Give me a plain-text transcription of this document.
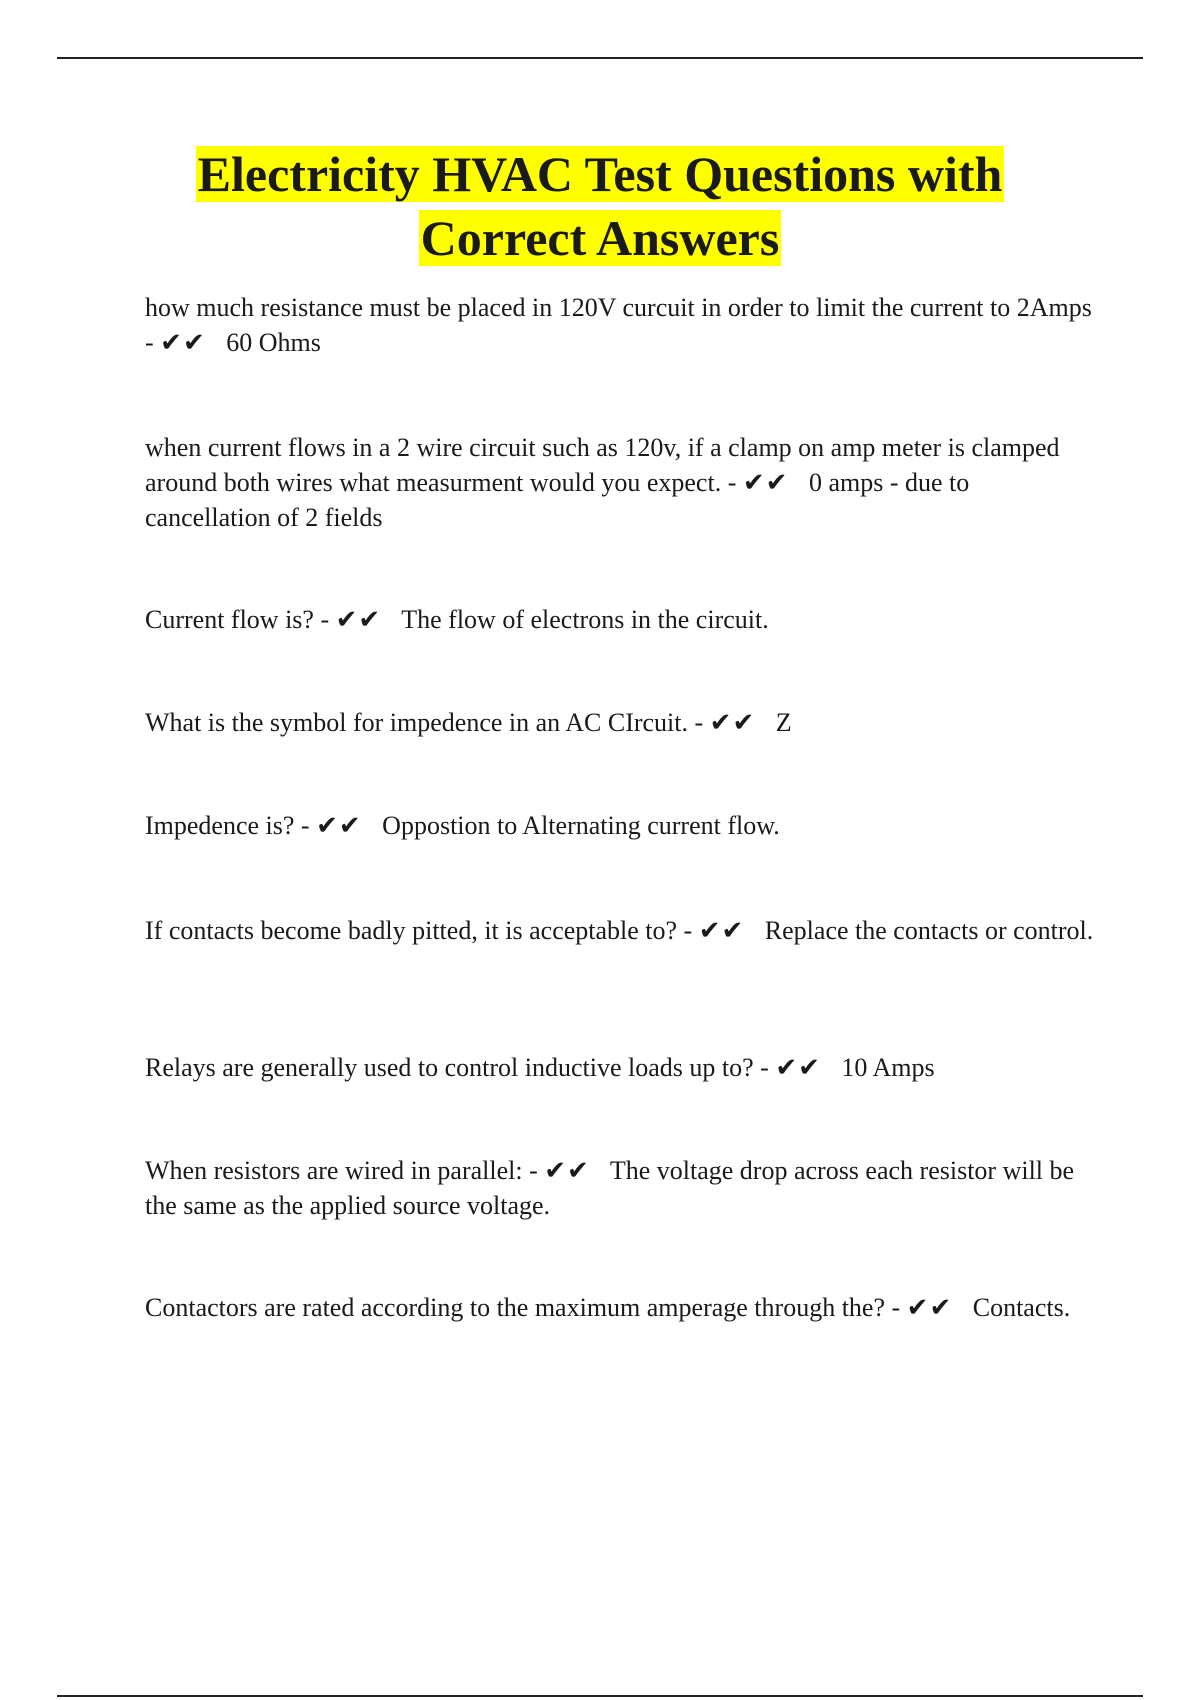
Electricity HVAC Test Questions with
Correct Answers

how much resistance must be placed in 120V curcuit in order to limit the current to 2Amps - ✔✔ 60 Ohms

when current flows in a 2 wire circuit such as 120v, if a clamp on amp meter is clamped around both wires what measurment would you expect. - ✔✔ 0 amps - due to cancellation of 2 fields

Current flow is? - ✔✔ The flow of electrons in the circuit.

What is the symbol for impedence in an AC CIrcuit. - ✔✔ Z

Impedence is? - ✔✔ Oppostion to Alternating current flow.

If contacts become badly pitted, it is acceptable to? - ✔✔ Replace the contacts or control.

Relays are generally used to control inductive loads up to? - ✔✔ 10 Amps

When resistors are wired in parallel: - ✔✔ The voltage drop across each resistor will be the same as the applied source voltage.

Contactors are rated according to the maximum amperage through the? - ✔✔ Contacts.
